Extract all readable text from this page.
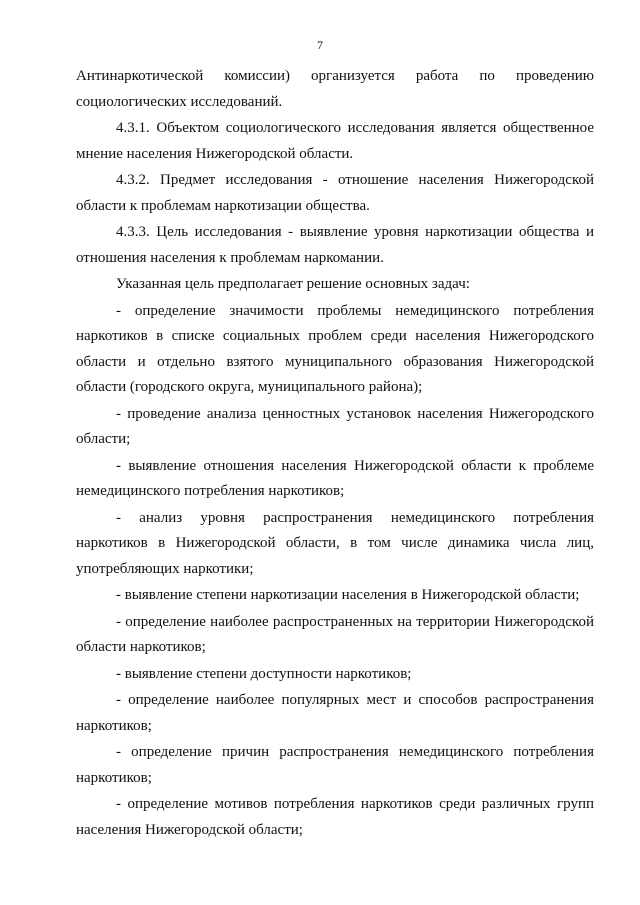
7

Антинаркотической комиссии) организуется работа по проведению социологических исследований.

4.3.1. Объектом социологического исследования является общественное мнение населения Нижегородской области.

4.3.2. Предмет исследования - отношение населения Нижегородской области к проблемам наркотизации общества.

4.3.3. Цель исследования - выявление уровня наркотизации общества и отношения населения к проблемам наркомании.

Указанная цель предполагает решение основных задач:

- определение значимости проблемы немедицинского потребления наркотиков в списке социальных проблем среди населения Нижегородского области и отдельно взятого муниципального образования Нижегородской области (городского округа, муниципального района);

- проведение анализа ценностных установок населения Нижегородского области;

- выявление отношения населения Нижегородской области к проблеме немедицинского потребления наркотиков;

- анализ уровня распространения немедицинского потребления наркотиков в Нижегородской области, в том числе динамика числа лиц, употребляющих наркотики;

- выявление степени наркотизации населения в Нижегородской области;

- определение наиболее распространенных на территории Нижегородской области наркотиков;

- выявление степени доступности наркотиков;

- определение наиболее популярных мест и способов распространения наркотиков;

- определение причин распространения немедицинского потребления наркотиков;

- определение мотивов потребления наркотиков среди различных групп населения Нижегородской области;
